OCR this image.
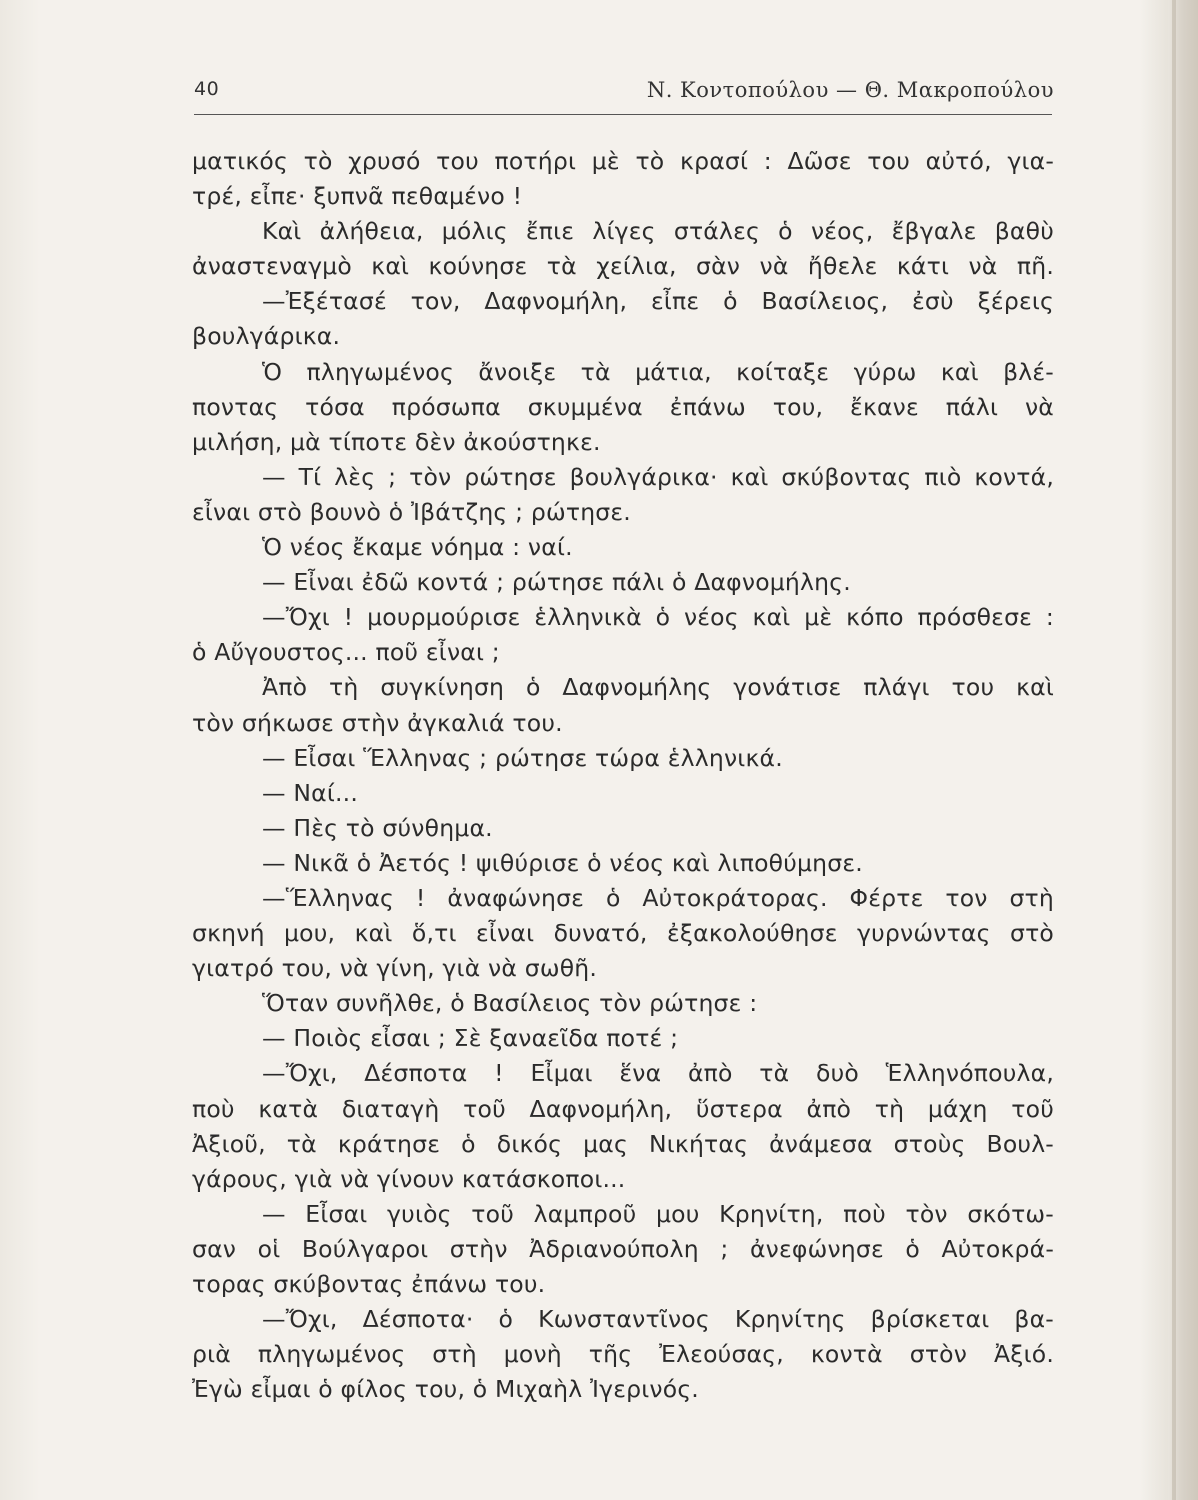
40	Ν. Κοντοπούλου — Θ. Μακροπούλου
ματικός τὸ χρυσό του ποτήρι μὲ τὸ κρασί : Δῶσε του αὐτό, για-
τρέ, εἶπε· ξυπνᾶ πεθαμένο !
Καὶ ἀλήθεια, μόλις ἔπιε λίγες στάλες ὁ νέος, ἔβγαλε βαθὺ
ἀναστεναγμὸ καὶ κούνησε τὰ χείλια, σὰν νὰ ἤθελε κάτι νὰ πῆ.
—Ἐξέτασέ τον, Δαφνομήλη, εἶπε ὁ Βασίλειος, ἐσὺ ξέρεις
βουλγάρικα.
Ὁ πληγωμένος ἄνοιξε τὰ μάτια, κοίταξε γύρω καὶ βλέ-
ποντας τόσα πρόσωπα σκυμμένα ἐπάνω του, ἔκανε πάλι νὰ
μιλήση, μὰ τίποτε δὲν ἀκούστηκε.
— Τί λὲς ; τὸν ρώτησε βουλγάρικα· καὶ σκύβοντας πιὸ κοντά,
εἶναι στὸ βουνὸ ὁ Ἰβάτζης ; ρώτησε.
Ὁ νέος ἔκαμε νόημα : ναί.
— Εἶναι ἐδῶ κοντά ; ρώτησε πάλι ὁ Δαφνομήλης.
—Ὄχι ! μουρμούρισε ἑλληνικὰ ὁ νέος καὶ μὲ κόπο πρόσθεσε :
ὁ Αὔγουστος... ποῦ εἶναι ;
Ἀπὸ τὴ συγκίνηση ὁ Δαφνομήλης γονάτισε πλάγι του καὶ
τὸν σήκωσε στὴν ἀγκαλιά του.
— Εἶσαι Ἕλληνας ; ρώτησε τώρα ἑλληνικά.
— Ναί...
— Πὲς τὸ σύνθημα.
— Νικᾶ ὁ Ἀετός ! ψιθύρισε ὁ νέος καὶ λιποθύμησε.
—Ἕλληνας ! ἀναφώνησε ὁ Αὐτοκράτορας. Φέρτε τον στὴ
σκηνή μου, καὶ ὅ,τι εἶναι δυνατό, ἐξακολούθησε γυρνώντας στὸ
γιατρό του, νὰ γίνη, γιὰ νὰ σωθῆ.
Ὅταν συνῆλθε, ὁ Βασίλειος τὸν ρώτησε :
— Ποιὸς εἶσαι ; Σὲ ξαναεῖδα ποτέ ;
—Ὄχι, Δέσποτα ! Εἶμαι ἕνα ἀπὸ τὰ δυὸ Ἑλληνόπουλα,
ποὺ κατὰ διαταγὴ τοῦ Δαφνομήλη, ὕστερα ἀπὸ τὴ μάχη τοῦ
Ἀξιοῦ, τὰ κράτησε ὁ δικός μας Νικήτας ἀνάμεσα στοὺς Βουλ-
γάρους, γιὰ νὰ γίνουν κατάσκοποι...
— Εἶσαι γυιὸς τοῦ λαμπροῦ μου Κρηνίτη, ποὺ τὸν σκότω-
σαν οἱ Βούλγαροι στὴν Ἀδριανούπολη ; ἀνεφώνησε ὁ Αὐτοκρά-
τορας σκύβοντας ἐπάνω του.
—Ὄχι, Δέσποτα· ὁ Κωνσταντῖνος Κρηνίτης βρίσκεται βα-
ριὰ πληγωμένος στὴ μονὴ τῆς Ἐλεούσας, κοντὰ στὸν Ἀξιό.
Ἐγὼ εἶμαι ὁ φίλος του, ὁ Μιχαὴλ Ἰγερινός.
